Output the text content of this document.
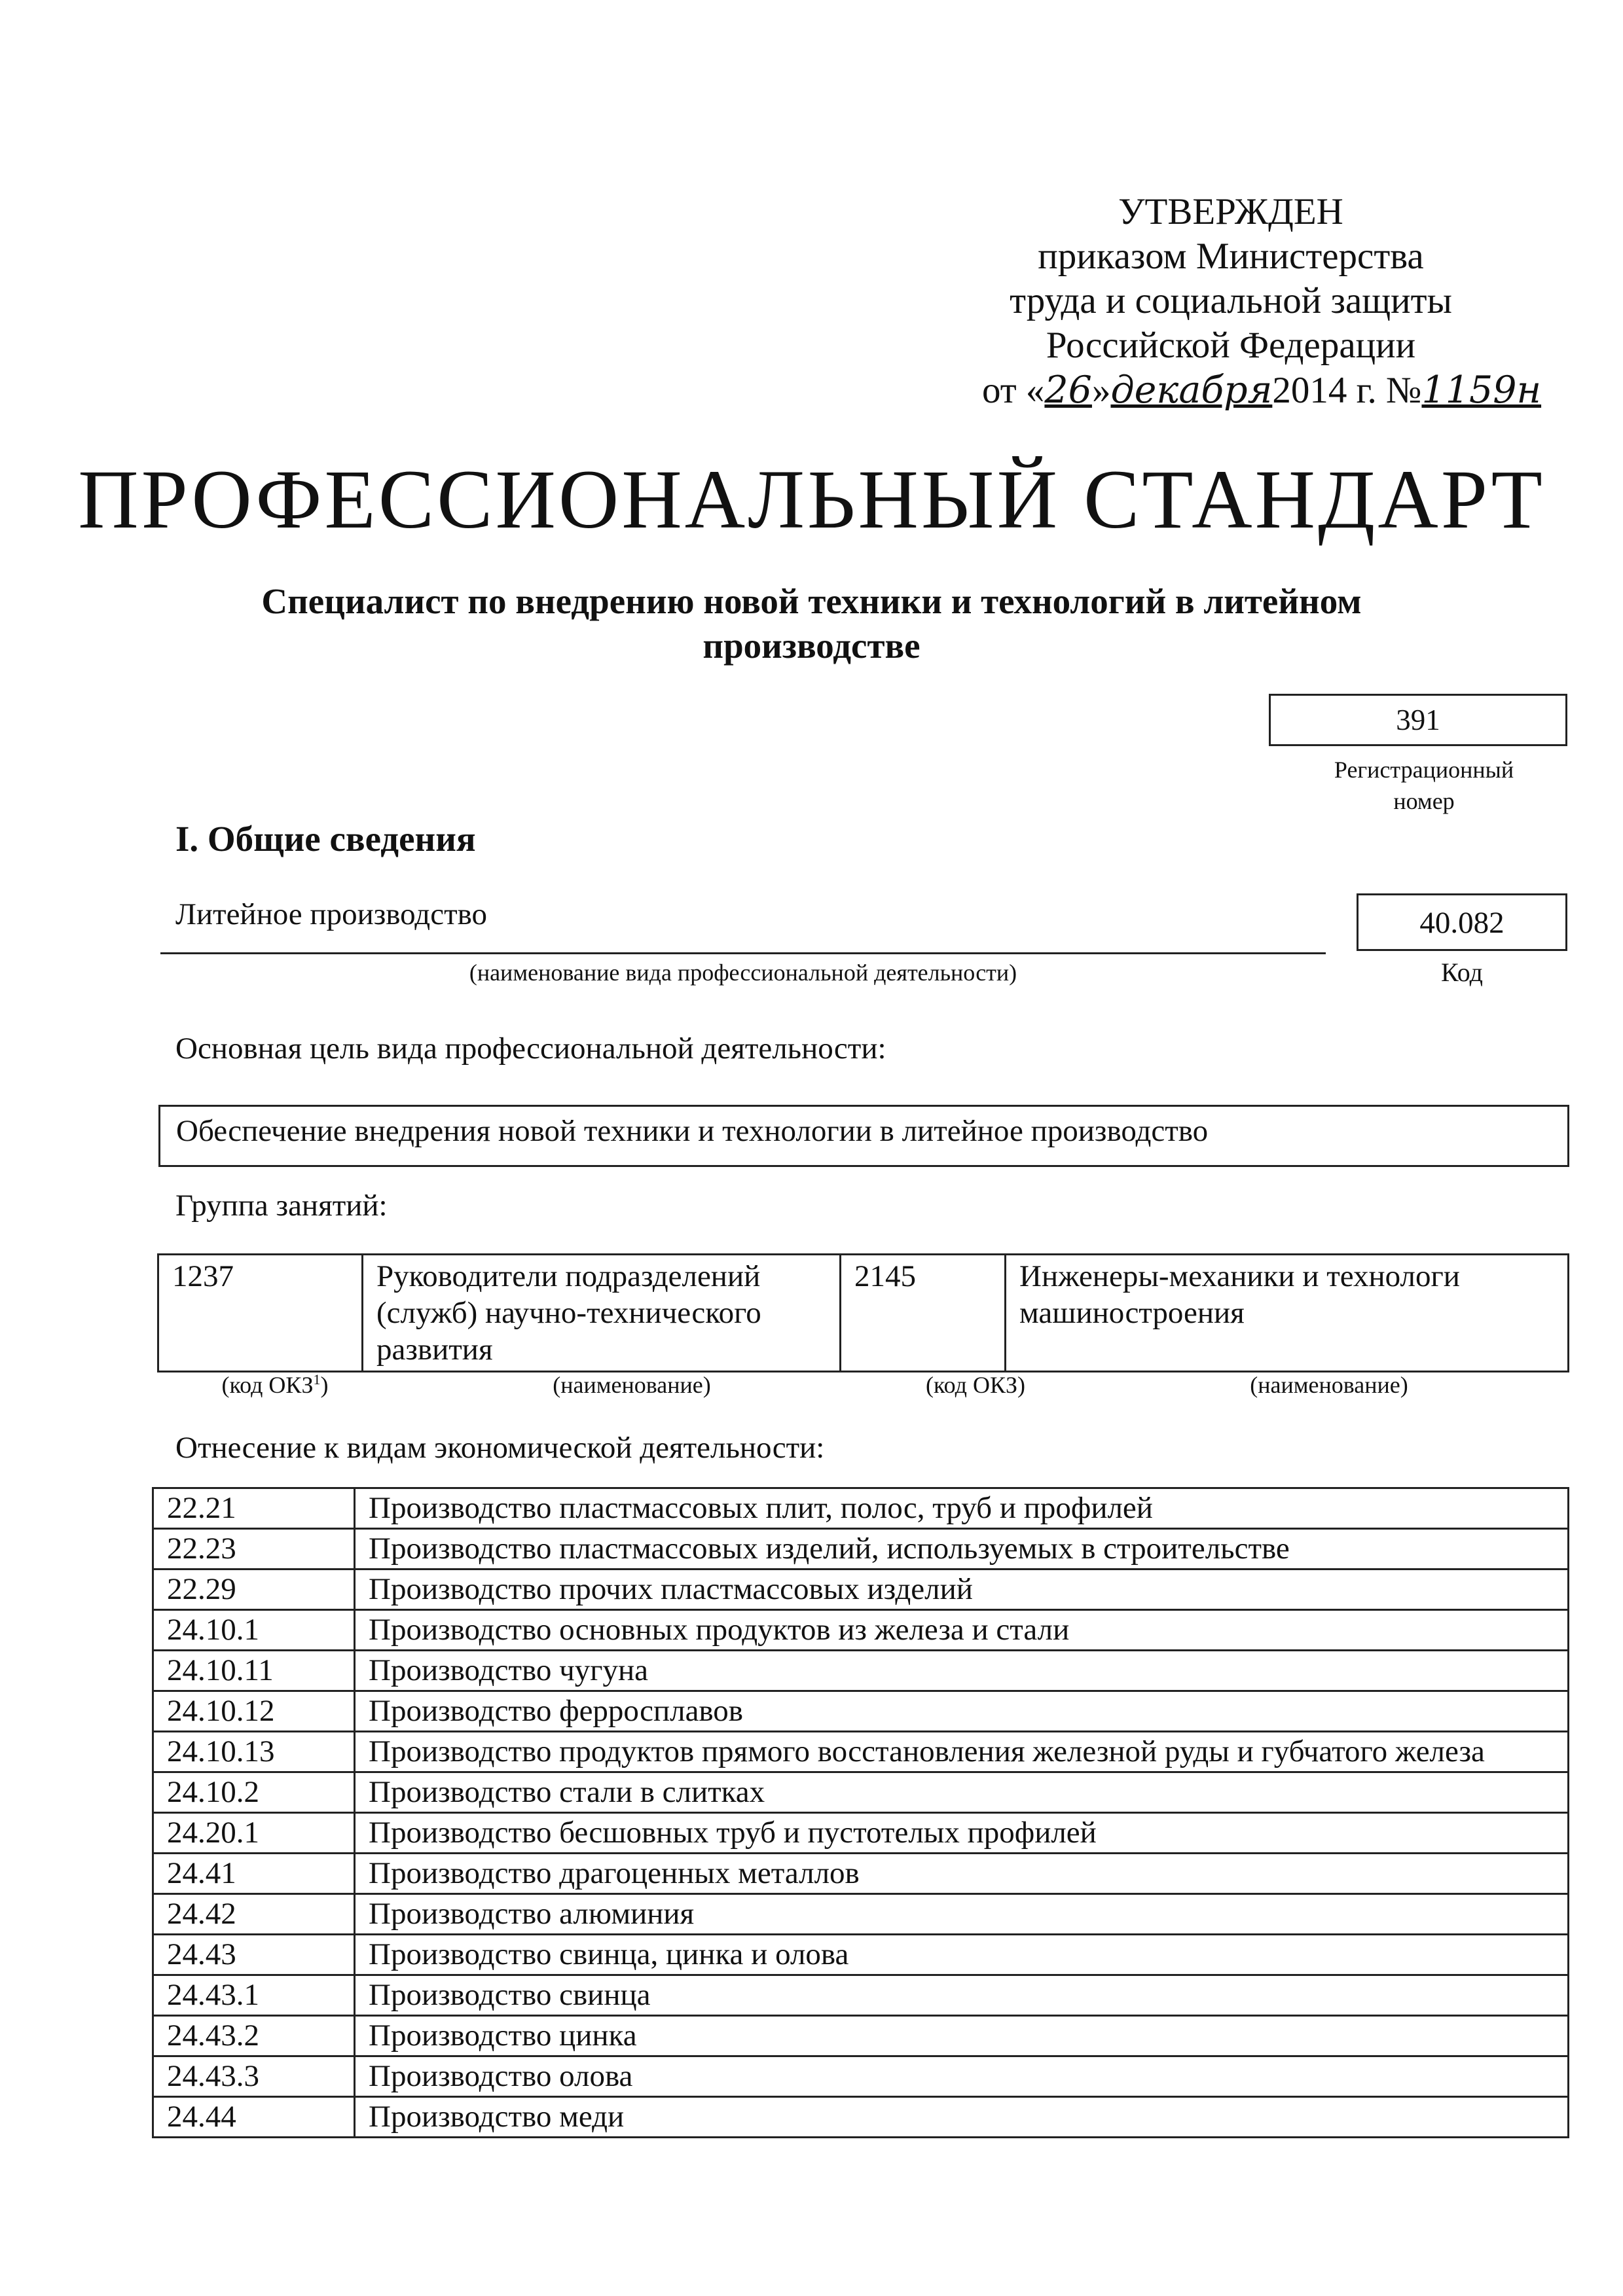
УТВЕРЖДЕН
приказом Министерства
труда и социальной защиты
Российской Федерации
от «26»декабря2014 г. №1159н
ПРОФЕССИОНАЛЬНЫЙ СТАНДАРТ
Специалист по внедрению новой техники и технологий в литейном
производстве
391
Регистрационный
номер
I. Общие сведения
Литейное производство
(наименование вида профессиональной деятельности)
40.082
Код
Основная цель вида профессиональной деятельности:
Обеспечение внедрения новой техники и технологии в литейное производство
Группа занятий:
1237	Руководители подразделений (служб) научно-технического развития	2145	Инженеры-механики и технологи машиностроения
(код ОКЗ$^1$)	(наименование)	(код ОКЗ)	(наименование)
Отнесение к видам экономической деятельности:
22.21	Производство пластмассовых плит, полос, труб и профилей
22.23	Производство пластмассовых изделий, используемых в строительстве
22.29	Производство прочих пластмассовых изделий
24.10.1	Производство основных продуктов из железа и стали
24.10.11	Производство чугуна
24.10.12	Производство ферросплавов
24.10.13	Производство продуктов прямого восстановления железной руды и губчатого железа
24.10.2	Производство стали в слитках
24.20.1	Производство бесшовных труб и пустотелых профилей
24.41	Производство драгоценных металлов
24.42	Производство алюминия
24.43	Производство свинца, цинка и олова
24.43.1	Производство свинца
24.43.2	Производство цинка
24.43.3	Производство олова
24.44	Производство меди
